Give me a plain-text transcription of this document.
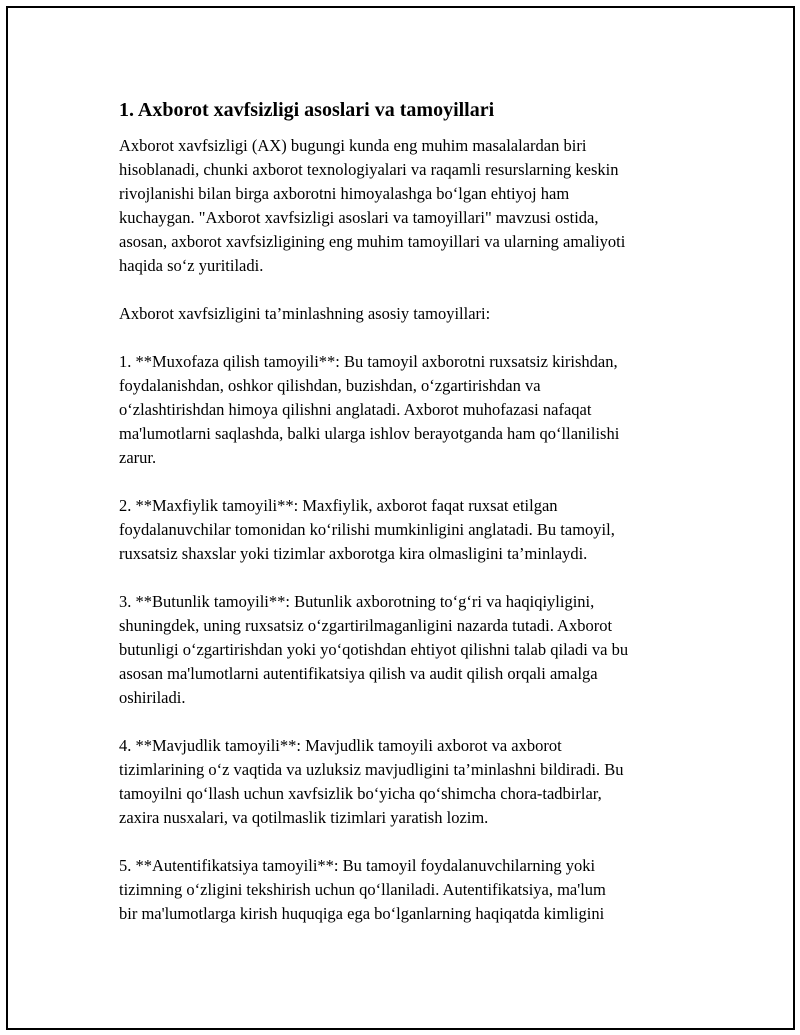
1. Axborot xavfsizligi asoslari va tamoyillari

Axborot xavfsizligi (AX) bugungi kunda eng muhim masalalardan biri
hisoblanadi, chunki axborot texnologiyalari va raqamli resurslarning keskin
rivojlanishi bilan birga axborotni himoyalashga bo‘lgan ehtiyoj ham
kuchaygan. "Axborot xavfsizligi asoslari va tamoyillari" mavzusi ostida,
asosan, axborot xavfsizligining eng muhim tamoyillari va ularning amaliyoti
haqida so‘z yuritiladi.

Axborot xavfsizligini ta’minlashning asosiy tamoyillari:

1. **Muxofaza qilish tamoyili**: Bu tamoyil axborotni ruxsatsiz kirishdan,
foydalanishdan, oshkor qilishdan, buzishdan, o‘zgartirishdan va
o‘zlashtirishdan himoya qilishni anglatadi. Axborot muhofazasi nafaqat
ma'lumotlarni saqlashda, balki ularga ishlov berayotganda ham qo‘llanilishi
zarur.

2. **Maxfiylik tamoyili**: Maxfiylik, axborot faqat ruxsat etilgan
foydalanuvchilar tomonidan ko‘rilishi mumkinligini anglatadi. Bu tamoyil,
ruxsatsiz shaxslar yoki tizimlar axborotga kira olmasligini ta’minlaydi.

3. **Butunlik tamoyili**: Butunlik axborotning to‘g‘ri va haqiqiyligini,
shuningdek, uning ruxsatsiz o‘zgartirilmaganligini nazarda tutadi. Axborot
butunligi o‘zgartirishdan yoki yo‘qotishdan ehtiyot qilishni talab qiladi va bu
asosan ma'lumotlarni autentifikatsiya qilish va audit qilish orqali amalga
oshiriladi.

4. **Mavjudlik tamoyili**: Mavjudlik tamoyili axborot va axborot
tizimlarining o‘z vaqtida va uzluksiz mavjudligini ta’minlashni bildiradi. Bu
tamoyilni qo‘llash uchun xavfsizlik bo‘yicha qo‘shimcha chora-tadbirlar,
zaxira nusxalari, va qotilmaslik tizimlari yaratish lozim.

5. **Autentifikatsiya tamoyili**: Bu tamoyil foydalanuvchilarning yoki
tizimning o‘zligini tekshirish uchun qo‘llaniladi. Autentifikatsiya, ma'lum
bir ma'lumotlarga kirish huquqiga ega bo‘lganlarning haqiqatda kimligini
